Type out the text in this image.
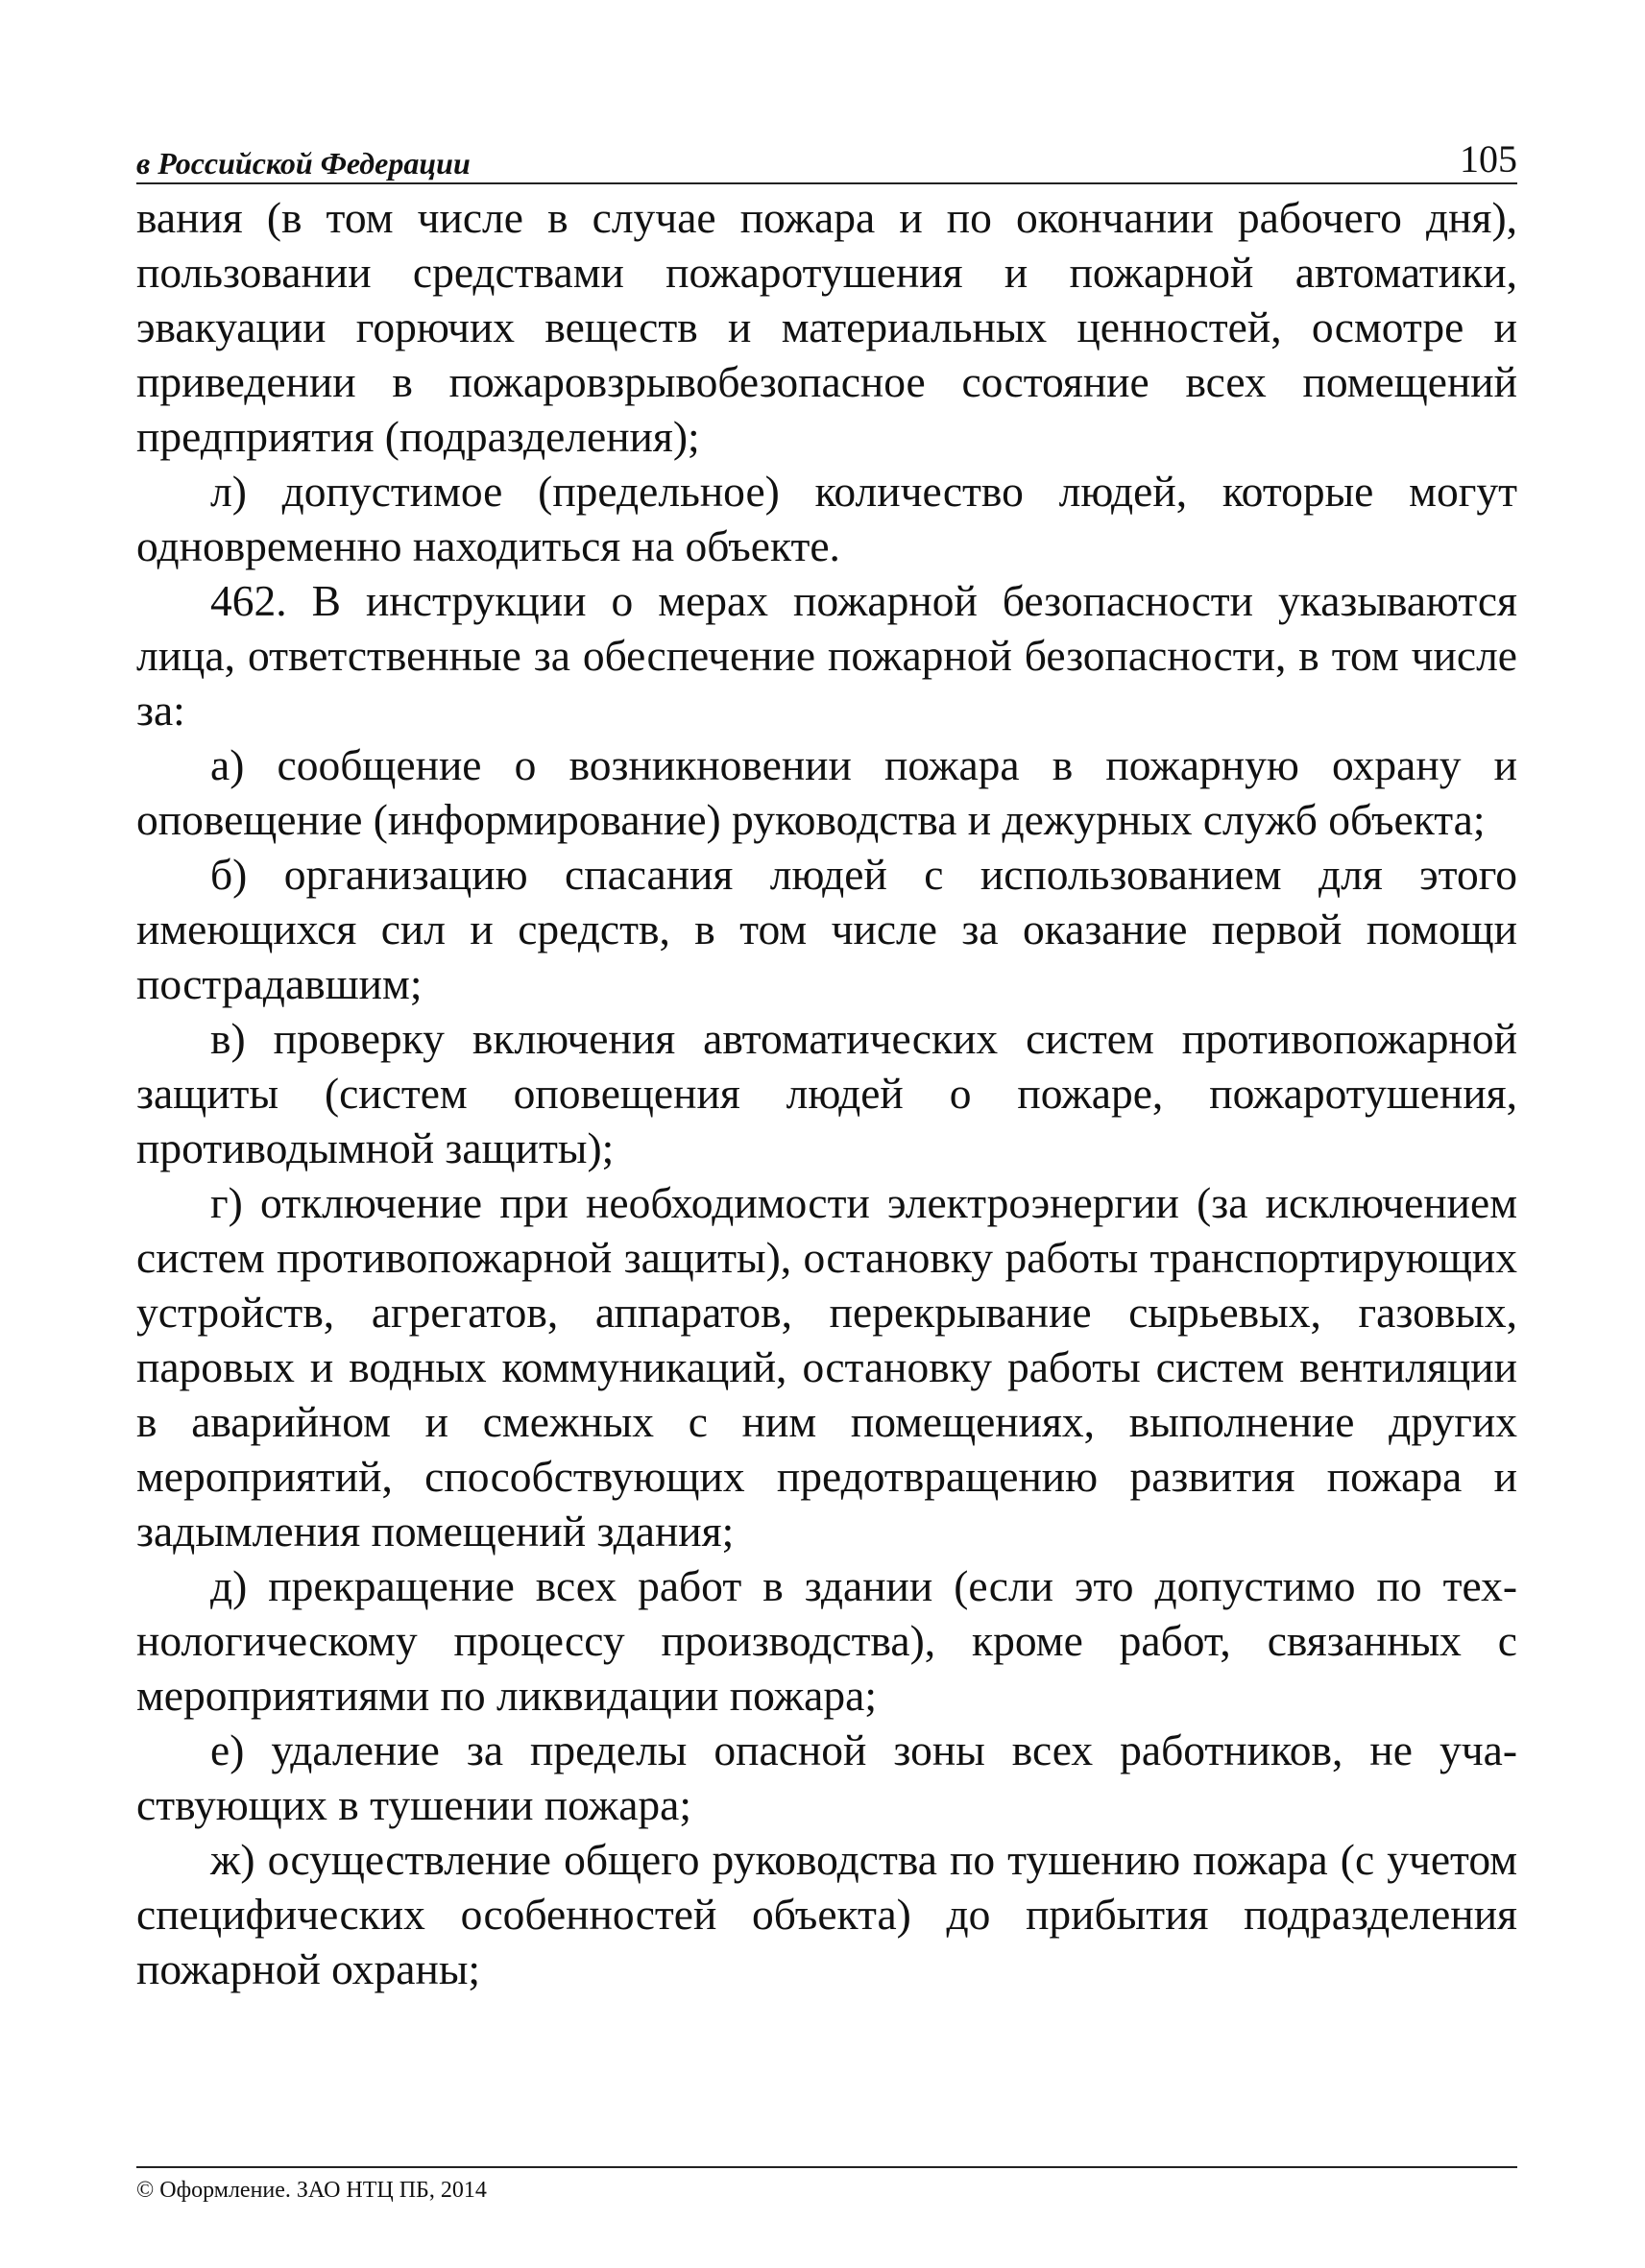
в Российской Федерации	105

вания (в том числе в случае пожара и по окончании рабочего дня), пользовании средствами пожаротушения и пожарной автоматики, эвакуации горючих веществ и материальных ценностей, осмотре и приведении в пожаровзрывобезопасное состояние всех помещений предприятия (подразделения);

л) допустимое (предельное) количество людей, которые могут одновременно находиться на объекте.

462. В инструкции о мерах пожарной безопасности указываются лица, ответственные за обеспечение пожарной безопасности, в том числе за:

а) сообщение о возникновении пожара в пожарную охрану и оповещение (информирование) руководства и дежурных служб объекта;

б) организацию спасания людей с использованием для этого имеющихся сил и средств, в том числе за оказание первой помощи пострадавшим;

в) проверку включения автоматических систем противопожарной защиты (систем оповещения людей о пожаре, пожаротушения, противодымной защиты);

г) отключение при необходимости электроэнергии (за исключением систем противопожарной защиты), остановку работы транспортирующих устройств, агрегатов, аппаратов, перекрывание сырьевых, газовых, паровых и водных коммуникаций, остановку работы систем вентиляции в аварийном и смежных с ним помещениях, выполнение других мероприятий, способствующих предотвращению развития пожара и задымления помещений здания;

д) прекращение всех работ в здании (если это допустимо по технологическому процессу производства), кроме работ, связанных с мероприятиями по ликвидации пожара;

е) удаление за пределы опасной зоны всех работников, не участвующих в тушении пожара;

ж) осуществление общего руководства по тушению пожара (с учетом специфических особенностей объекта) до прибытия подразделения пожарной охраны;

© Оформление. ЗАО НТЦ ПБ, 2014
